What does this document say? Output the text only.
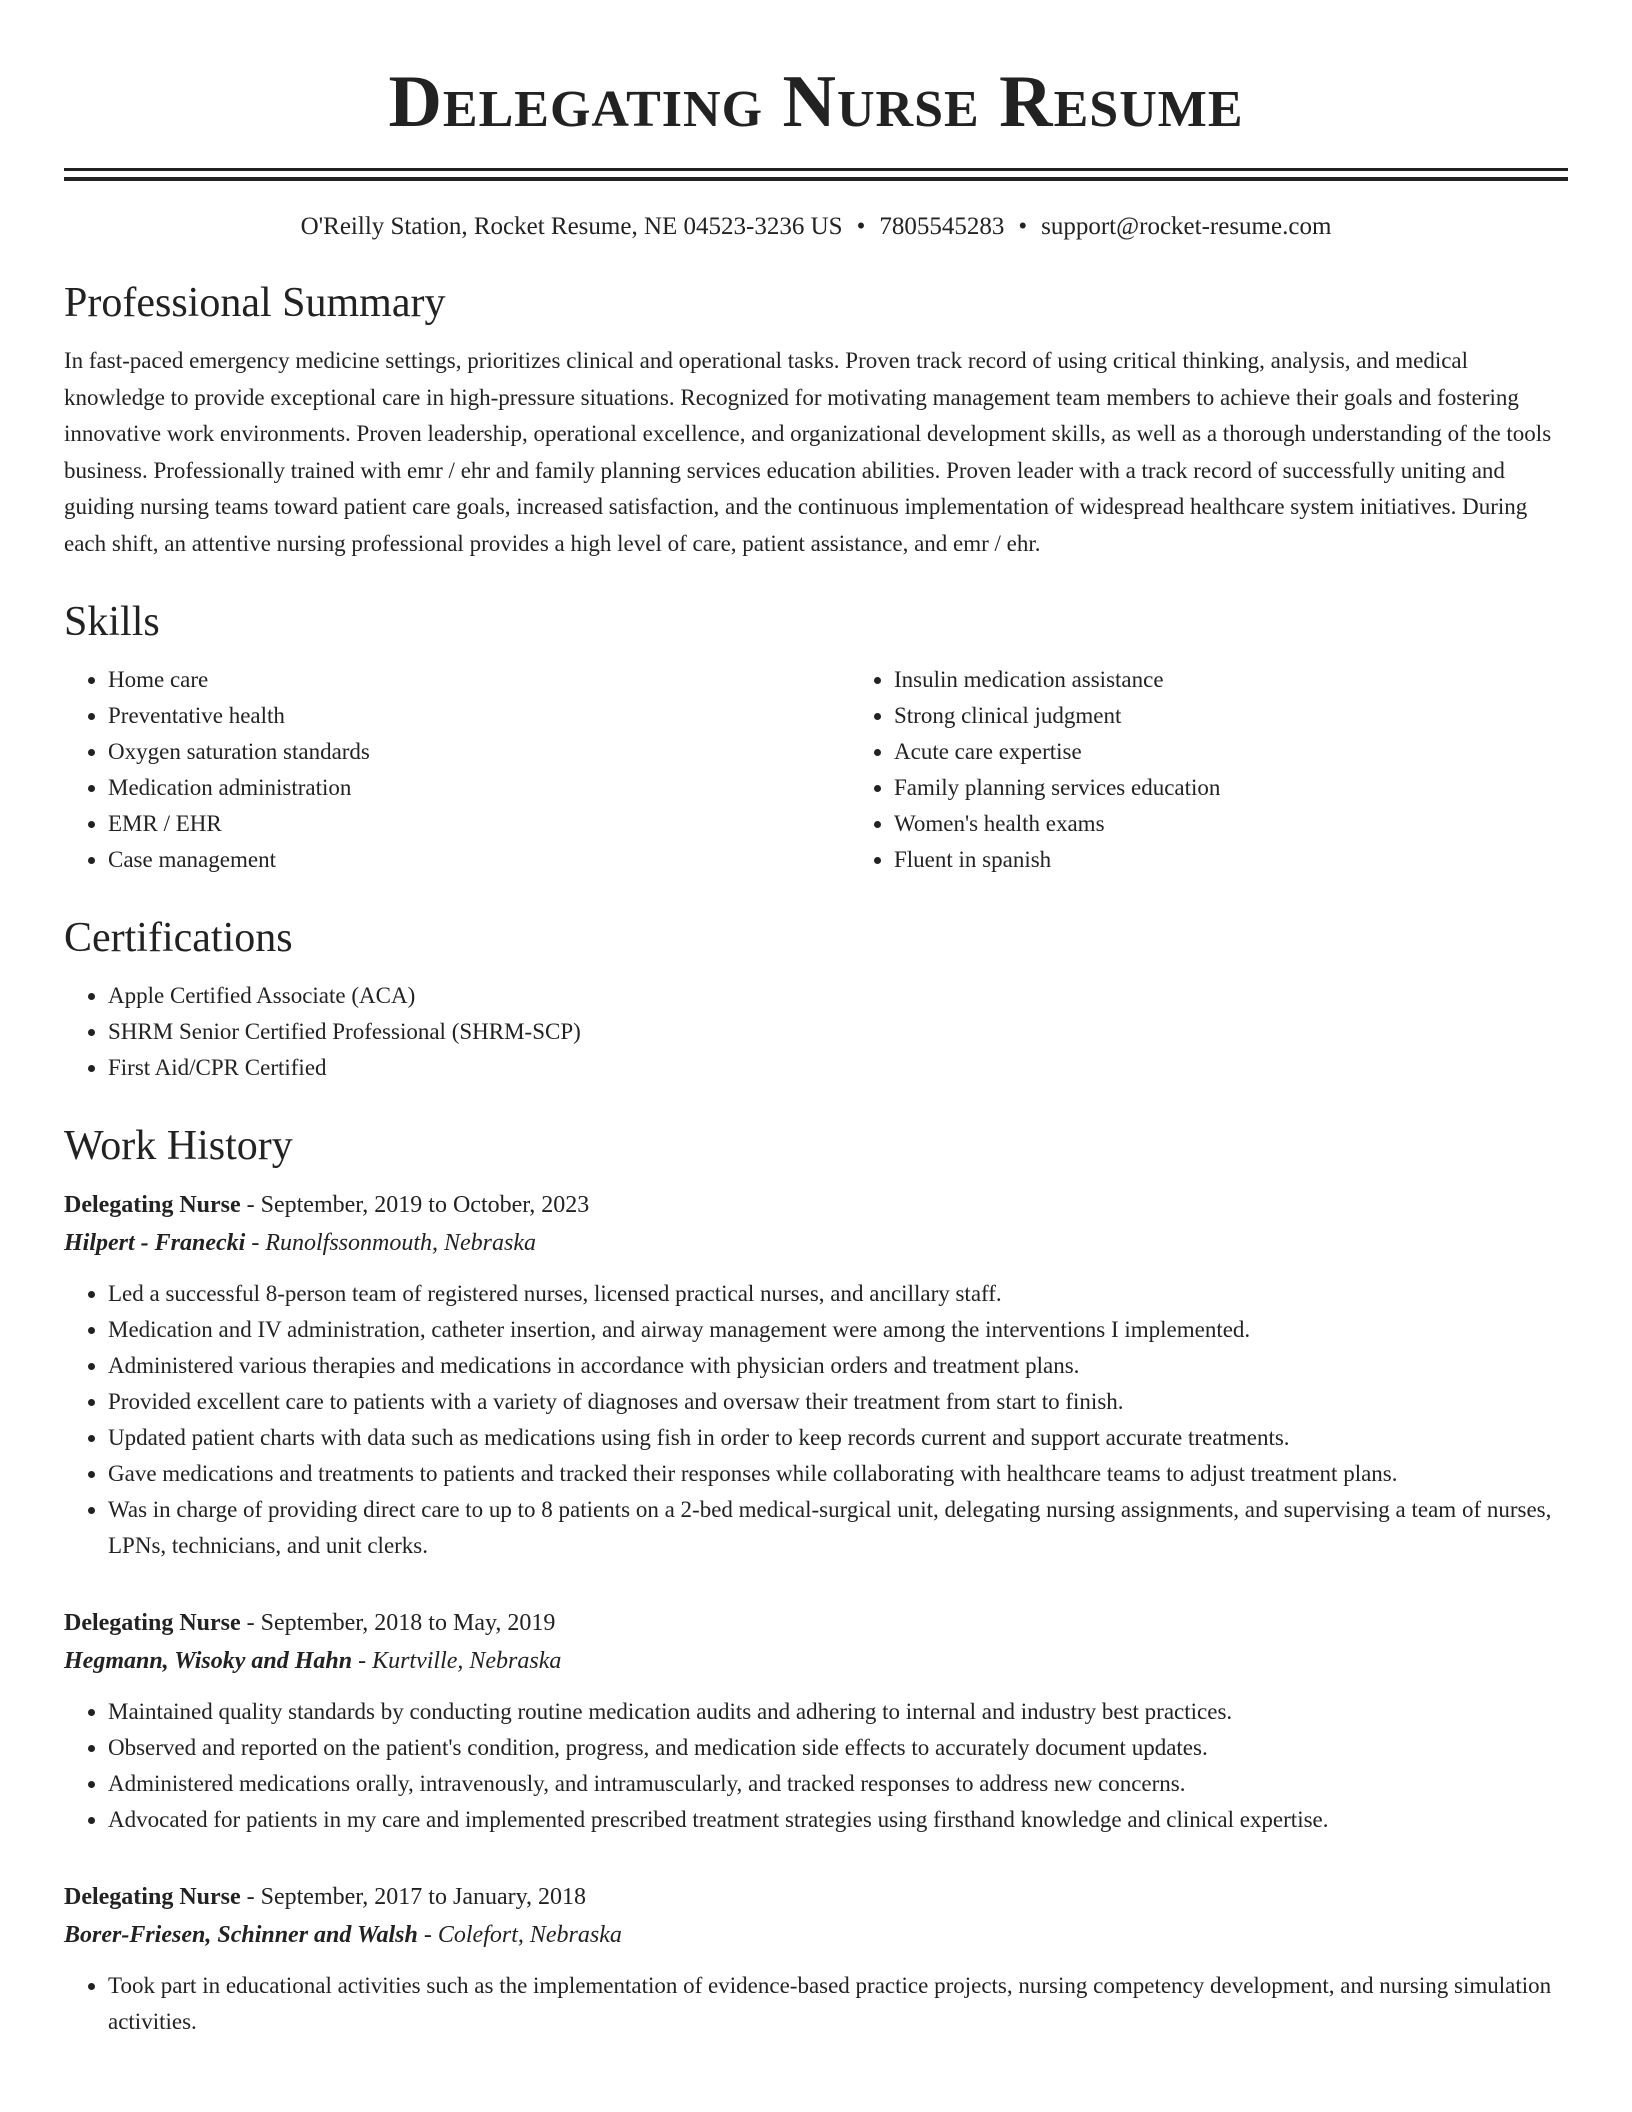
Delegating Nurse Resume
O'Reilly Station, Rocket Resume, NE 04523-3236 US • 7805545283 • support@rocket-resume.com
Professional Summary

In fast-paced emergency medicine settings, prioritizes clinical and operational tasks. Proven track record of using critical thinking, analysis, and medical knowledge to provide exceptional care in high-pressure situations. Recognized for motivating management team members to achieve their goals and fostering innovative work environments. Proven leadership, operational excellence, and organizational development skills, as well as a thorough understanding of the tools business. Professionally trained with emr / ehr and family planning services education abilities. Proven leader with a track record of successfully uniting and guiding nursing teams toward patient care goals, increased satisfaction, and the continuous implementation of widespread healthcare system initiatives. During each shift, an attentive nursing professional provides a high level of care, patient assistance, and emr / ehr.

Skills
• Home care
• Preventative health
• Oxygen saturation standards
• Medication administration
• EMR / EHR
• Case management
• Insulin medication assistance
• Strong clinical judgment
• Acute care expertise
• Family planning services education
• Women's health exams
• Fluent in spanish
Certifications
• Apple Certified Associate (ACA)
• SHRM Senior Certified Professional (SHRM-SCP)
• First Aid/CPR Certified
Work History
Delegating Nurse - September, 2019 to October, 2023
Hilpert - Franecki - Runolfssonmouth, Nebraska
• Led a successful 8-person team of registered nurses, licensed practical nurses, and ancillary staff.
• Medication and IV administration, catheter insertion, and airway management were among the interventions I implemented.
• Administered various therapies and medications in accordance with physician orders and treatment plans.
• Provided excellent care to patients with a variety of diagnoses and oversaw their treatment from start to finish.
• Updated patient charts with data such as medications using fish in order to keep records current and support accurate treatments.
• Gave medications and treatments to patients and tracked their responses while collaborating with healthcare teams to adjust treatment plans.
• Was in charge of providing direct care to up to 8 patients on a 2-bed medical-surgical unit, delegating nursing assignments, and supervising a team of nurses, LPNs, technicians, and unit clerks.
Delegating Nurse - September, 2018 to May, 2019
Hegmann, Wisoky and Hahn - Kurtville, Nebraska
• Maintained quality standards by conducting routine medication audits and adhering to internal and industry best practices.
• Observed and reported on the patient's condition, progress, and medication side effects to accurately document updates.
• Administered medications orally, intravenously, and intramuscularly, and tracked responses to address new concerns.
• Advocated for patients in my care and implemented prescribed treatment strategies using firsthand knowledge and clinical expertise.
Delegating Nurse - September, 2017 to January, 2018
Borer-Friesen, Schinner and Walsh - Colefort, Nebraska
• Took part in educational activities such as the implementation of evidence-based practice projects, nursing competency development, and nursing simulation activities.
